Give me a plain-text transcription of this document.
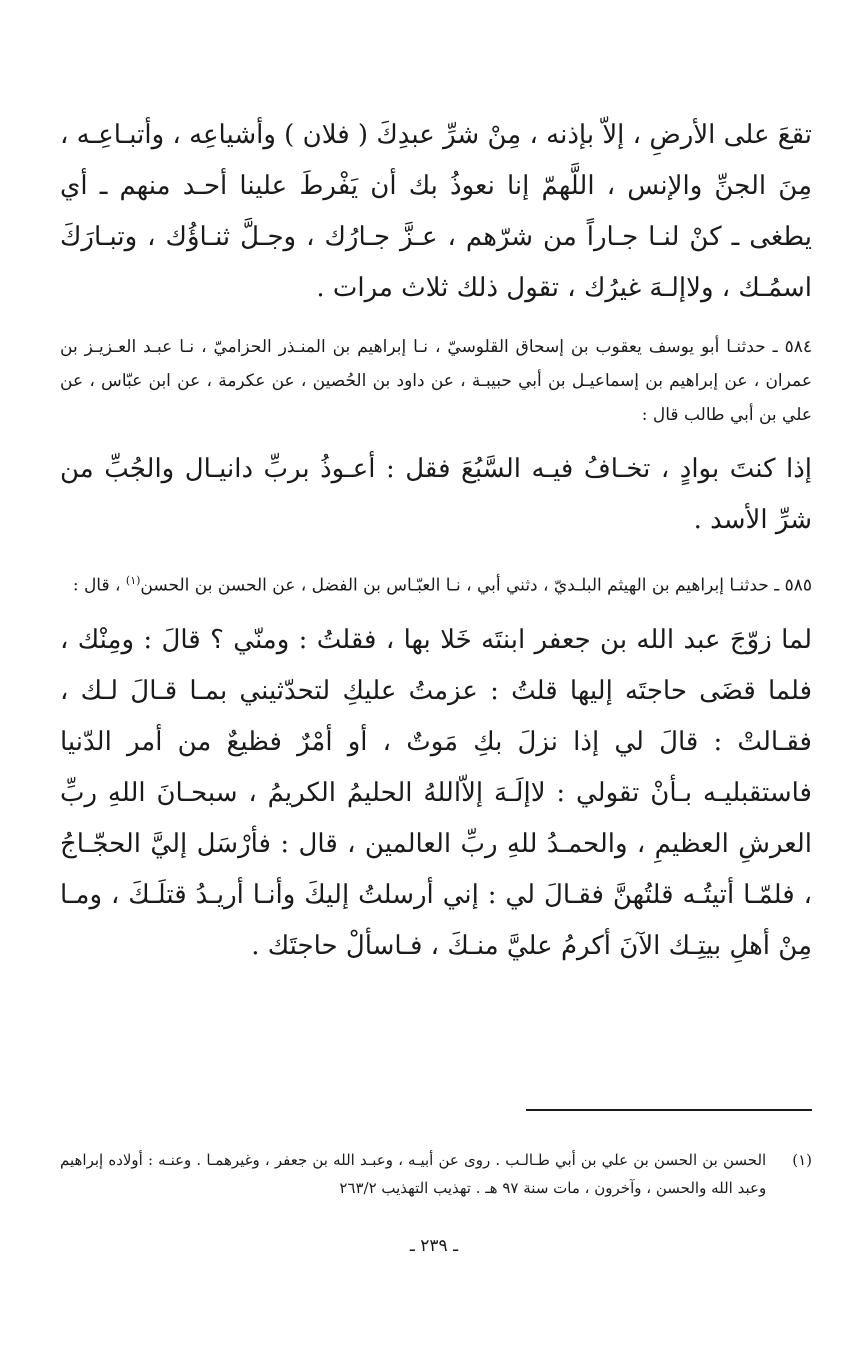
تقعَ على الأرضِ ، إلاّ بإذنه ، مِنْ شرِّ عبدِكَ ( فلان ) وأشياعِه ، وأتبـاعِـه ، مِنَ الجنِّ والإنس ، اللَّهمّ إنا نعوذُ بك أن يَفْرطَ علينا أحـد منهم ـ أي يطغى ـ كنْ لنـا جـاراً من شرّهم ، عـزَّ جـارُك ، وجـلَّ ثنـاؤُك ، وتبـارَكَ اسمُـك ، ولاإلـهَ غيرُك ، تقول ذلك ثلاث مرات .

٥٨٤ ـ حدثنـا أبو يوسف يعقوب بن إسحاق القلوسيّ ، نـا إبراهيم بن المنـذر الحزاميّ ، نـا عبـد العـزيـز بن عمران ، عن إبراهيم بن إسماعيـل بن أبي حبيبـة ، عن داود بن الحُصين ، عن عكرمة ، عن ابن عبّاس ، عن علي بن أبي طالب قال :

إذا كنتَ بوادٍ ، تخـافُ فيـه السَّبُعَ فقل : أعـوذُ بربِّ دانيـال والجُبِّ من شرِّ الأسد .

٥٨٥ ـ حدثنـا إبراهيم بن الهيثم البلـديّ ، دثني أبي ، نـا العبّـاس بن الفضل ، عن الحسن بن الحسن$^{(١)}$ ، قال :

لما زوّجَ عبد الله بن جعفر ابنتَه خَلا بها ، فقلتُ : ومنّي ؟ قالَ : ومِنْك ، فلما قضَى حاجتَه إليها قلتُ : عزمتُ عليكِ لتحدّثيني بمـا قـالَ لـك ، فقـالتْ : قالَ لي إذا نزلَ بكِ مَوتٌ ، أو أمْرٌ فظيعٌ من أمر الدّنيا فاستقبليـه بـأنْ تقولي : لاإلَـهَ إلاّاللهُ الحليمُ الكريمُ ، سبحـانَ اللهِ ربِّ العرشِ العظيمِ ، والحمـدُ للهِ ربِّ العالمين ، قال : فأرْسَل إليَّ الحجّـاجُ ، فلمّـا أتيتُـه قلتُهنَّ فقـالَ لي : إني أرسلتُ إليكَ وأنـا أريـدُ قتلَـكَ ، ومـا مِنْ أهلِ بيتِـك الآنَ أكرمُ عليَّ منـكَ ، فـاسألْ حاجتَك .

(١)
الحسن بن الحسن بن علي بن أبي طـالـب . روى عن أبيـه ، وعبـد الله بن جعفر ، وغيرهمـا . وعنـه : أولاده إبراهيم وعبد الله والحسن ، وآخرون ، مات سنة ٩٧ هـ . تهذيب التهذيب ٢٦٣/٢
ـ ٢٣٩ ـ
